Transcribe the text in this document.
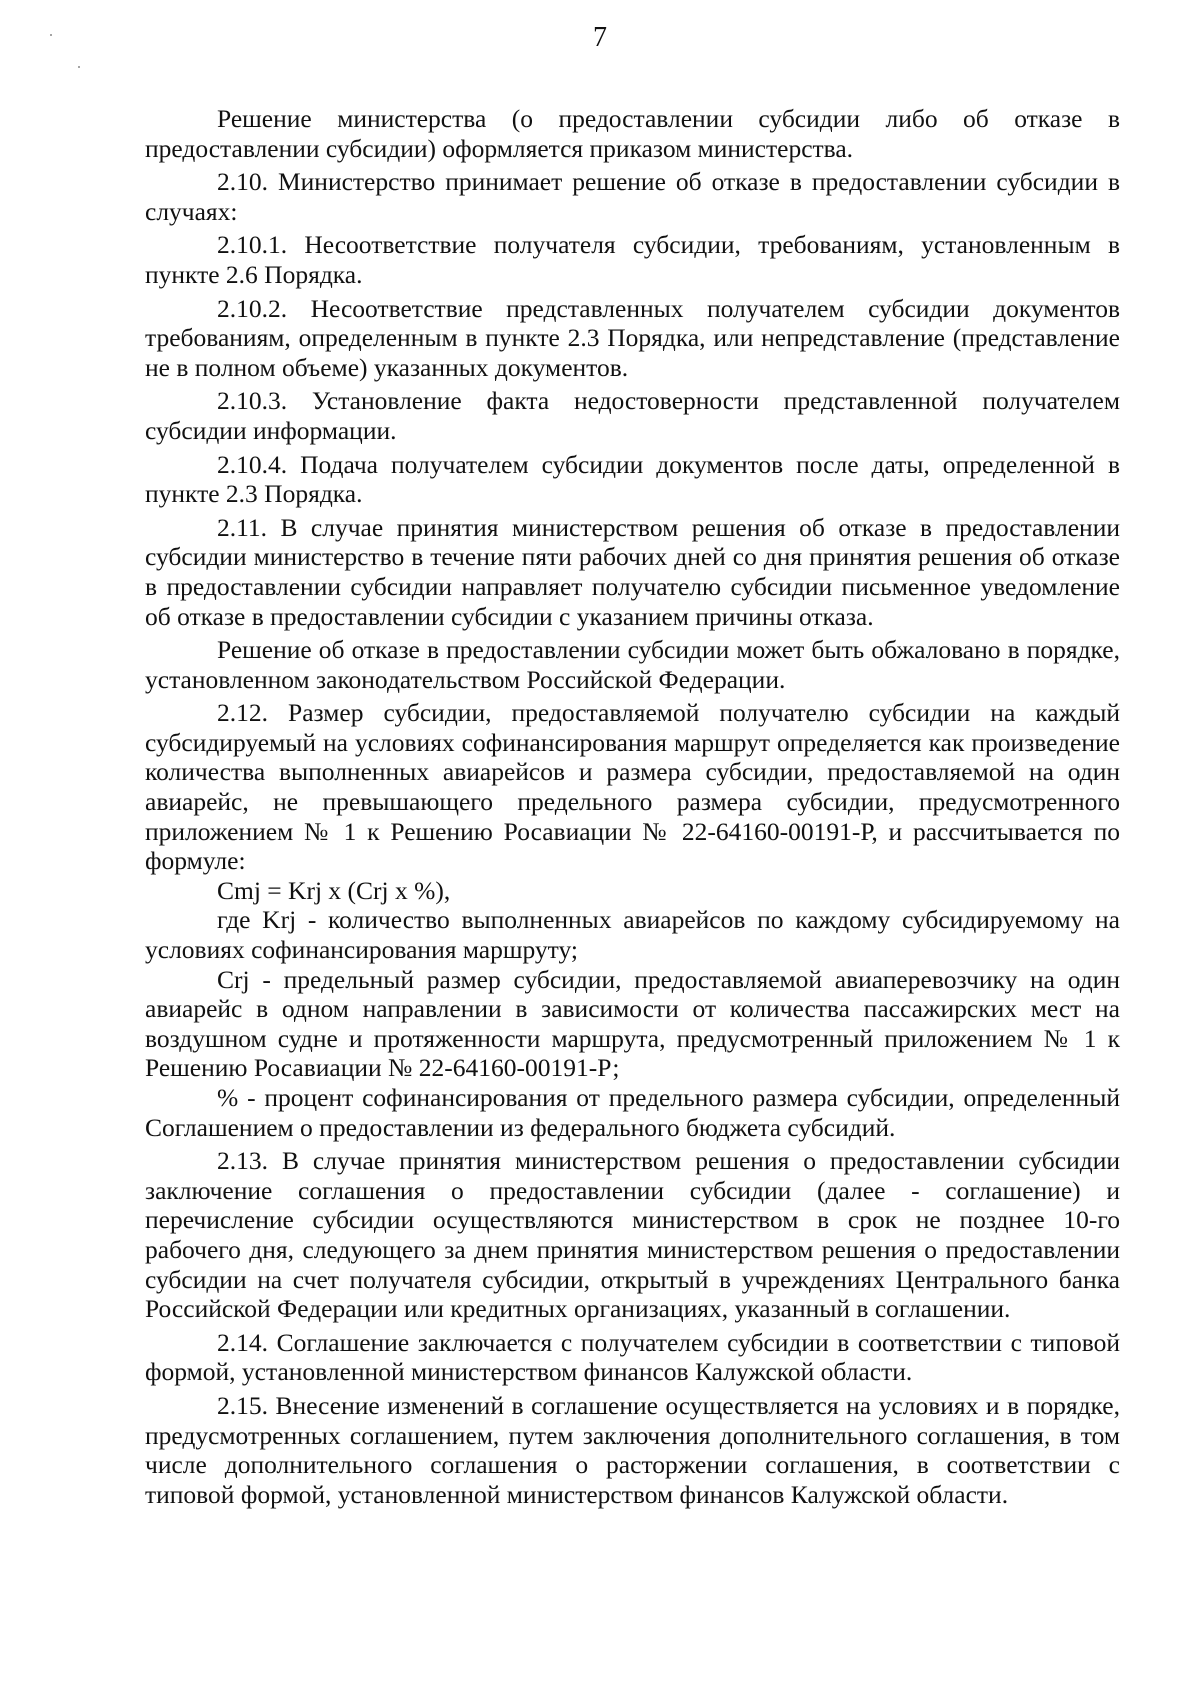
7

Решение министерства (о предоставлении субсидии либо об отказе в предоставлении субсидии) оформляется приказом министерства.

2.10. Министерство принимает решение об отказе в предоставлении субсидии в случаях:

2.10.1. Несоответствие получателя субсидии, требованиям, установленным в пункте 2.6 Порядка.

2.10.2. Несоответствие представленных получателем субсидии документов требованиям, определенным в пункте 2.3 Порядка, или непредставление (представление не в полном объеме) указанных документов.

2.10.3. Установление факта недостоверности представленной получателем субсидии информации.

2.10.4. Подача получателем субсидии документов после даты, определенной в пункте 2.3 Порядка.

2.11. В случае принятия министерством решения об отказе в предоставлении субсидии министерство в течение пяти рабочих дней со дня принятия решения об отказе в предоставлении субсидии направляет получателю субсидии письменное уведомление об отказе в предоставлении субсидии с указанием причины отказа.

Решение об отказе в предоставлении субсидии может быть обжаловано в порядке, установленном законодательством Российской Федерации.

2.12. Размер субсидии, предоставляемой получателю субсидии на каждый субсидируемый на условиях софинансирования маршрут определяется как произведение количества выполненных авиарейсов и размера субсидии, предоставляемой на один авиарейс, не превышающего предельного размера субсидии, предусмотренного приложением № 1 к Решению Росавиации № 22-64160-00191-Р, и рассчитывается по формуле:

Cmj = Krj х (Crj х %),

где Krj - количество выполненных авиарейсов по каждому субсидируемому на условиях софинансирования маршруту;

Crj - предельный размер субсидии, предоставляемой авиаперевозчику на один авиарейс в одном направлении в зависимости от количества пассажирских мест на воздушном судне и протяженности маршрута, предусмотренный приложением № 1 к Решению Росавиации № 22-64160-00191-Р;

% - процент софинансирования от предельного размера субсидии, определенный Соглашением о предоставлении из федерального бюджета субсидий.

2.13. В случае принятия министерством решения о предоставлении субсидии заключение соглашения о предоставлении субсидии (далее - соглашение) и перечисление субсидии осуществляются министерством в срок не позднее 10-го рабочего дня, следующего за днем принятия министерством решения о предоставлении субсидии на счет получателя субсидии, открытый в учреждениях Центрального банка Российской Федерации или кредитных организациях, указанный в соглашении.

2.14. Соглашение заключается с получателем субсидии в соответствии с типовой формой, установленной министерством финансов Калужской области.

2.15. Внесение изменений в соглашение осуществляется на условиях и в порядке, предусмотренных соглашением, путем заключения дополнительного соглашения, в том числе дополнительного соглашения о расторжении соглашения, в соответствии с типовой формой, установленной министерством финансов Калужской области.
